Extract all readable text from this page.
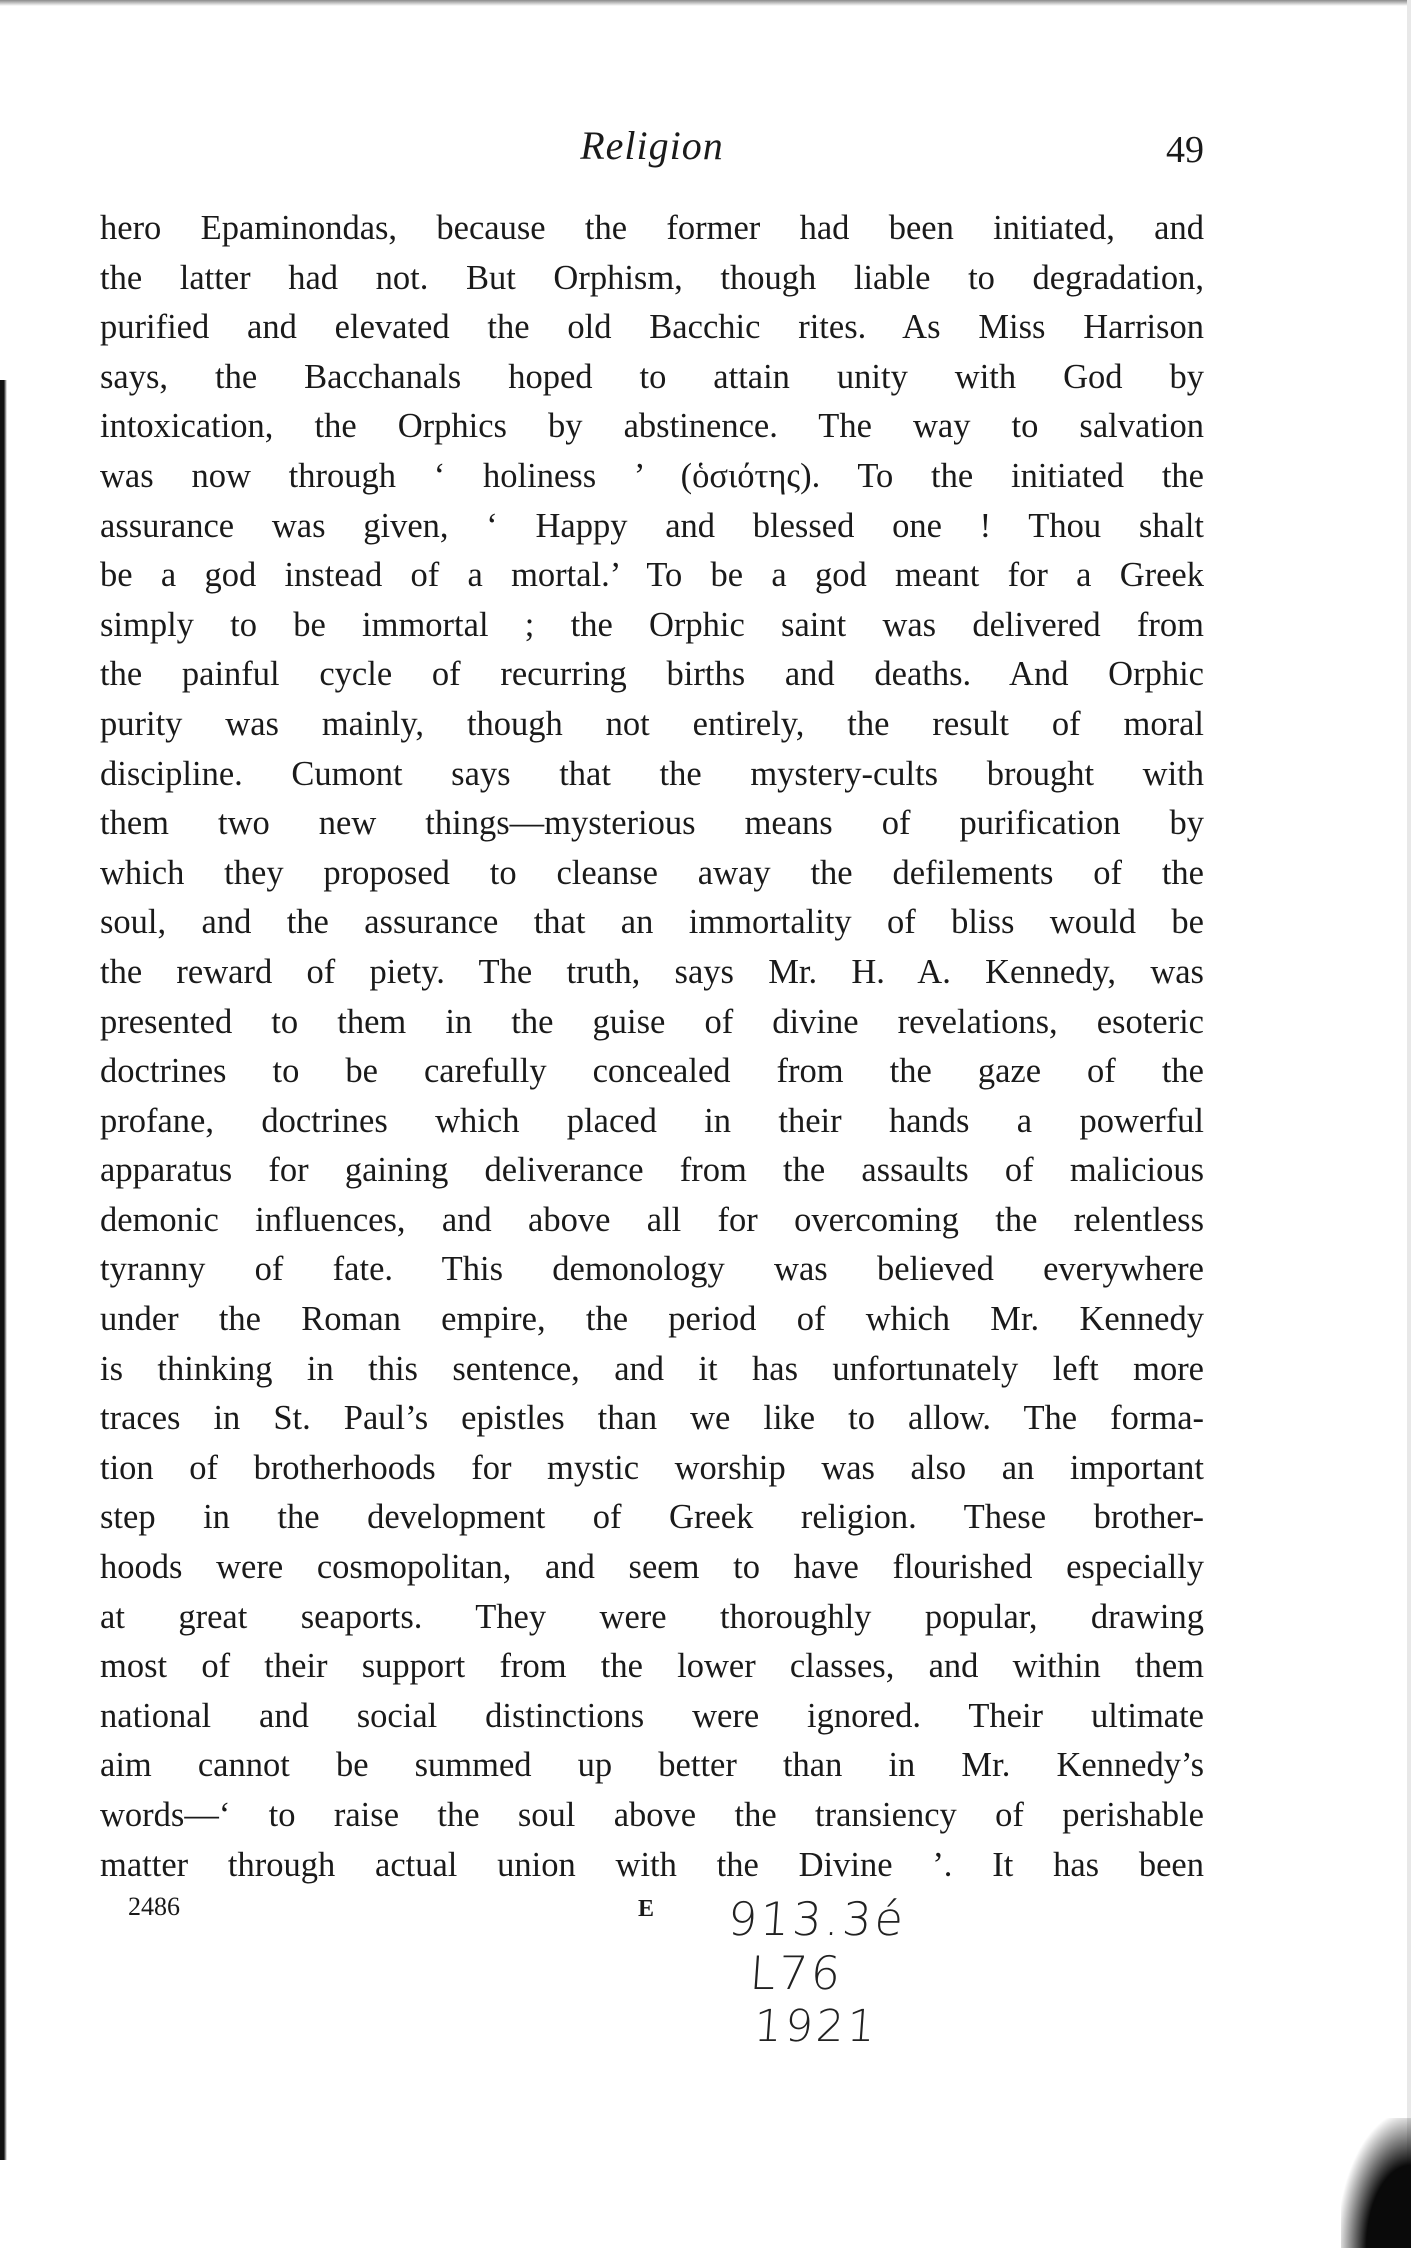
Religion	49
hero Epaminondas, because the former had been initiated, and
the latter had not. But Orphism, though liable to degradation,
purified and elevated the old Bacchic rites. As Miss Harrison
says, the Bacchanals hoped to attain unity with God by
intoxication, the Orphics by abstinence. The way to salvation
was now through ‘ holiness ’ (ὁσιότης). To the initiated the
assurance was given, ‘ Happy and blessed one ! Thou shalt
be a god instead of a mortal.’ To be a god meant for a Greek
simply to be immortal ; the Orphic saint was delivered from
the painful cycle of recurring births and deaths. And Orphic
purity was mainly, though not entirely, the result of moral
discipline. Cumont says that the mystery-cults brought with
them two new things—mysterious means of purification by
which they proposed to cleanse away the defilements of the
soul, and the assurance that an immortality of bliss would be
the reward of piety. The truth, says Mr. H. A. Kennedy, was
presented to them in the guise of divine revelations, esoteric
doctrines to be carefully concealed from the gaze of the
profane, doctrines which placed in their hands a powerful
apparatus for gaining deliverance from the assaults of malicious
demonic influences, and above all for overcoming the relentless
tyranny of fate. This demonology was believed everywhere
under the Roman empire, the period of which Mr. Kennedy
is thinking in this sentence, and it has unfortunately left more
traces in St. Paul’s epistles than we like to allow. The forma-
tion of brotherhoods for mystic worship was also an important
step in the development of Greek religion. These brother-
hoods were cosmopolitan, and seem to have flourished especially
at great seaports. They were thoroughly popular, drawing
most of their support from the lower classes, and within them
national and social distinctions were ignored. Their ultimate
aim cannot be summed up better than in Mr. Kennedy’s
words—‘ to raise the soul above the transiency of perishable
matter through actual union with the Divine ’. It has been
2486	E 913.3é
L76
1921
